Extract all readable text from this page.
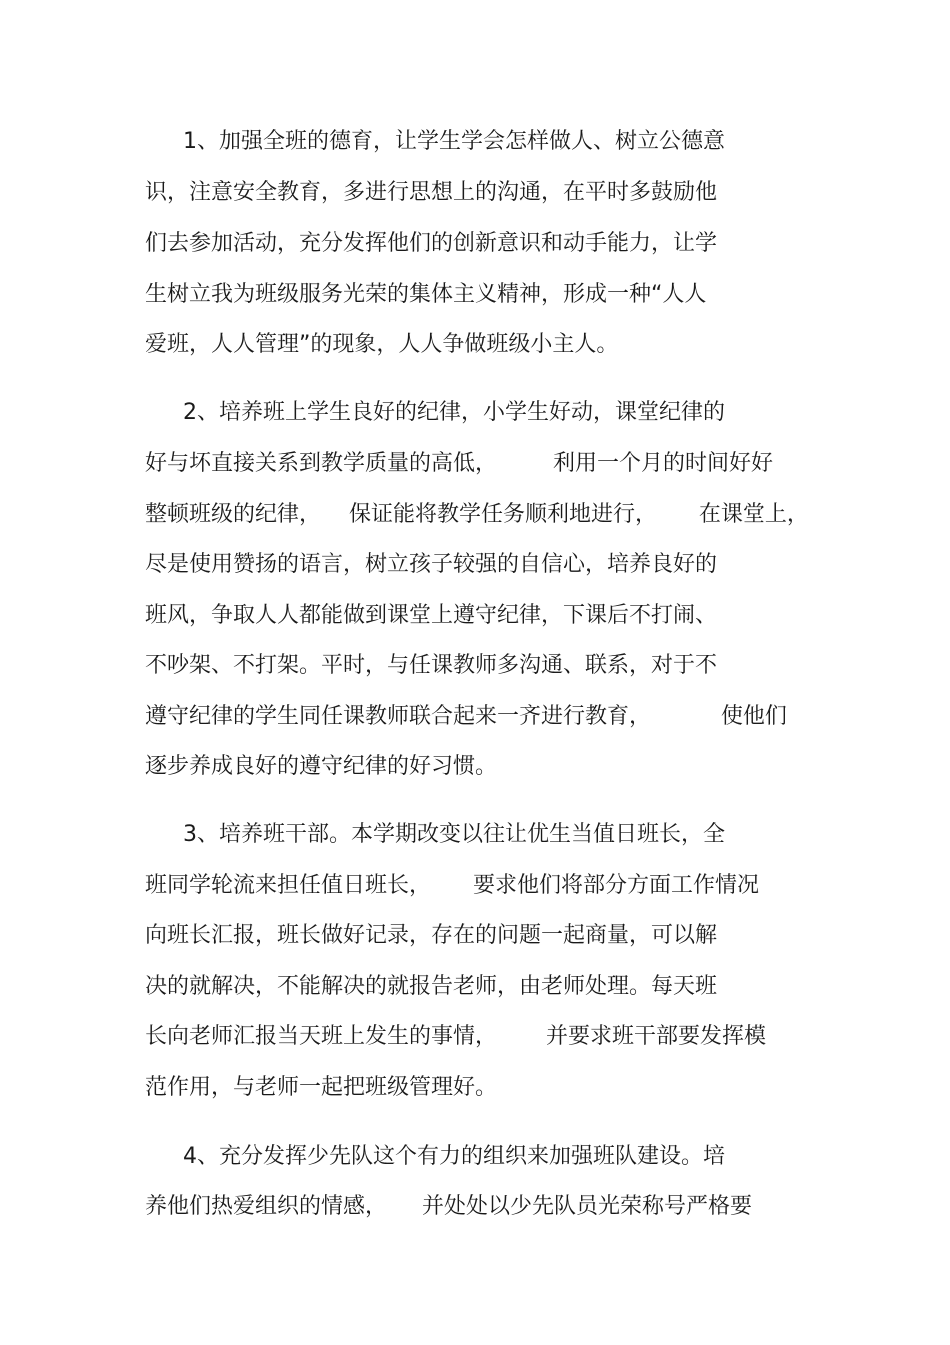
1、加强全班的德育，让学生学会怎样做人、树立公德意
识，注意安全教育，多进行思想上的沟通，在平时多鼓励他
们去参加活动，充分发挥他们的创新意识和动手能力，让学
生树立我为班级服务光荣的集体主义精神，形成一种“人人
爱班，人人管理”的现象，人人争做班级小主人。
2、培养班上学生良好的纪律，小学生好动，课堂纪律的
好与坏直接关系到教学质量的高低，        利用一个月的时间好好
整顿班级的纪律，    保证能将教学任务顺利地进行，      在课堂上，
尽是使用赞扬的语言，树立孩子较强的自信心，培养良好的
班风，争取人人都能做到课堂上遵守纪律，下课后不打闹、
不吵架、不打架。平时，与任课教师多沟通、联系，对于不
遵守纪律的学生同任课教师联合起来一齐进行教育，          使他们
逐步养成良好的遵守纪律的好习惯。
3、培养班干部。本学期改变以往让优生当值日班长，全
班同学轮流来担任值日班长，      要求他们将部分方面工作情况
向班长汇报，班长做好记录，存在的问题一起商量，可以解
决的就解决，不能解决的就报告老师，由老师处理。每天班
长向老师汇报当天班上发生的事情，       并要求班干部要发挥模
范作用，与老师一起把班级管理好。
4、充分发挥少先队这个有力的组织来加强班队建设。培
养他们热爱组织的情感，     并处处以少先队员光荣称号严格要
